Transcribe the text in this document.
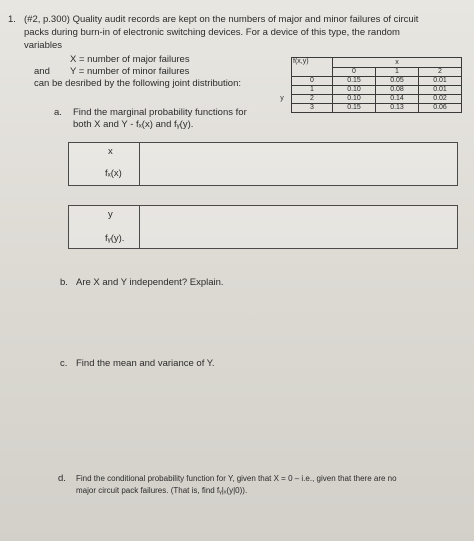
1. (#2, p.300) Quality audit records are kept on the numbers of major and minor failures of circuit
packs during burn-in of electronic switching devices. For a device of this type, the random
variables
X = number of major failures
and Y = number of minor failures
can be desribed by the following joint distribution:
	f(x,y)	x		
		0	1	2
	0	0.15	0.05	0.01
	1	0.10	0.08	0.01
y	2	0.10	0.14	0.02
	3	0.15	0.13	0.06
a. Find the marginal probability functions for
both X and Y - fₓ(x) and fᵧ(y).
x
fₓ(x)
y
fᵧ(y).
b. Are X and Y independent? Explain.
c. Find the mean and variance of Y.
d. Find the conditional probability function for Y, given that X = 0 – i.e., given that there are no
major circuit pack failures. (That is, find fᵧ|ₓ(y|0)).
